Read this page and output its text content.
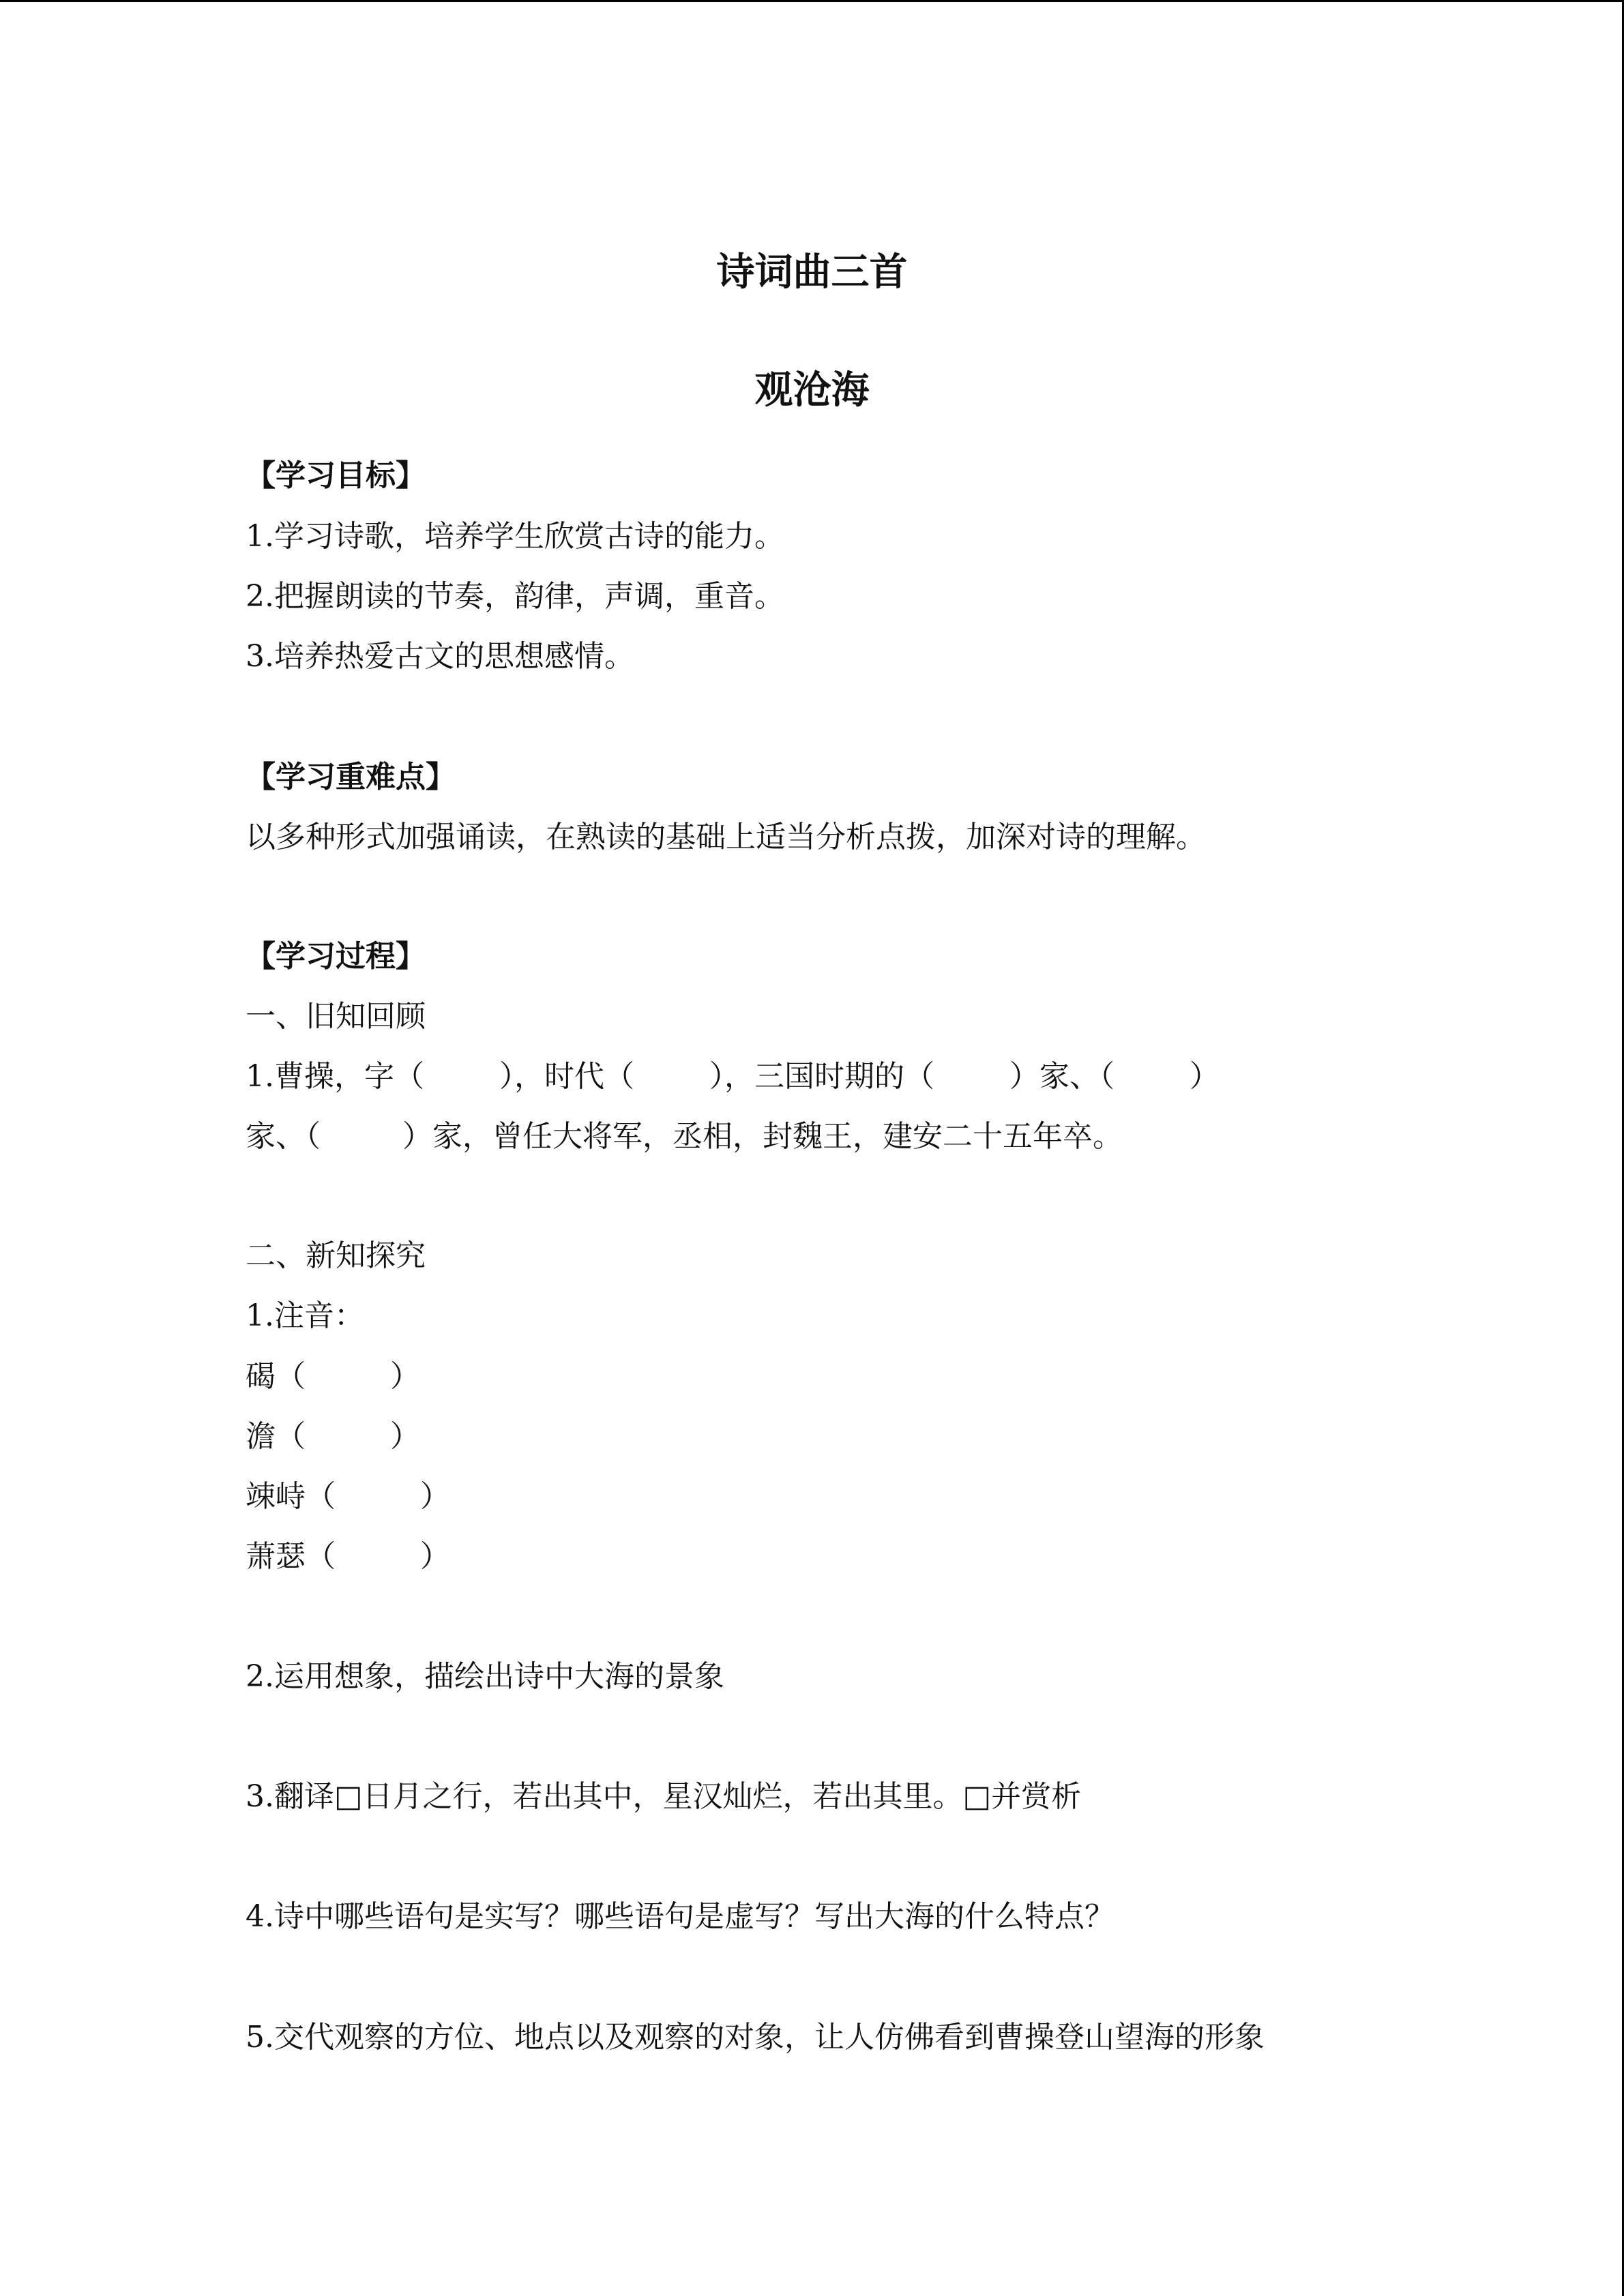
诗词曲三首
观沧海

【学习目标】

1.学习诗歌，培养学生欣赏古诗的能力。

2.把握朗读的节奏，韵律，声调，重音。

3.培养热爱古文的思想感情。

【学习重难点】

以多种形式加强诵读，在熟读的基础上适当分析点拨，加深对诗的理解。

【学习过程】

一、旧知回顾

1.曹操，字（	），时代（	），三国时期的（	）家、（	）

家、（	）家，曾任大将军，丞相，封魏王，建安二十五年卒。

二、新知探究

1.注音：

碣（	）

澹（	）

竦峙（	）

萧瑟（	）

2.运用想象，描绘出诗中大海的景象

3.翻译□日月之行，若出其中，星汉灿烂，若出其里。□并赏析

4.诗中哪些语句是实写？哪些语句是虚写？写出大海的什么特点？

5.交代观察的方位、地点以及观察的对象，让人仿佛看到曹操登山望海的形象
